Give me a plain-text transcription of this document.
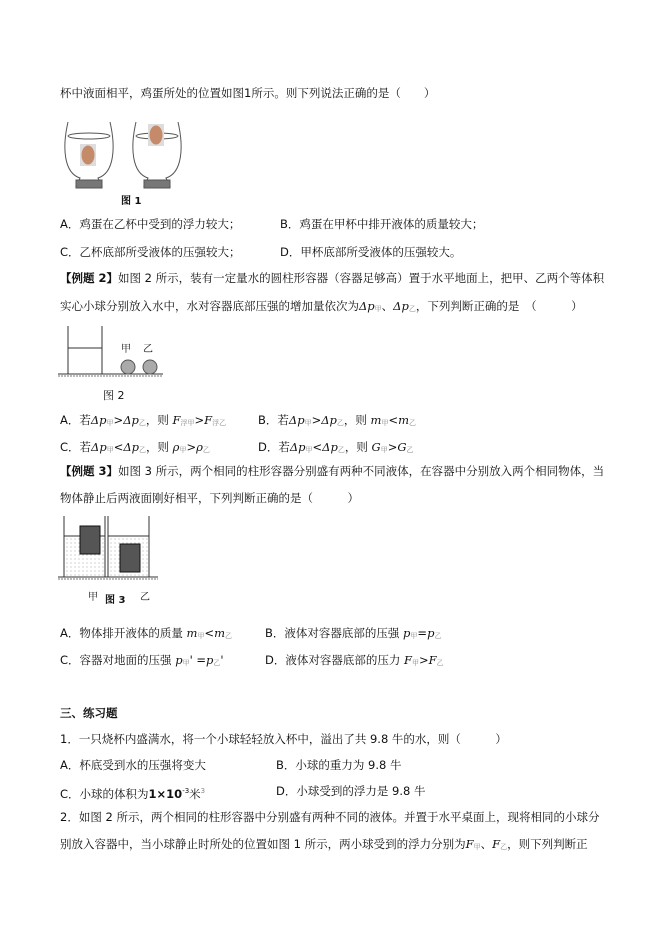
杯中液面相平，鸡蛋所处的位置如图1所示。则下列说法正确的是（　　）
图 1
A．鸡蛋在乙杯中受到的浮力较大；	B．鸡蛋在甲杯中排开液体的质量较大；
C．乙杯底部所受液体的压强较大；	D．甲杯底部所受液体的压强较大。
【例题 2】如图 2 所示，装有一定量水的圆柱形容器（容器足够高）置于水平地面上，把甲、乙两个等体积
实心小球分别放入水中，水对容器底部压强的增加量依次为$\Delta p_甲$、$\Delta p_乙$，下列判断正确的是　（　　　）
甲 乙
图 2
A．若$\Delta p_甲>\Delta p_乙$，则 $F_{浮甲}>F_{浮乙}$	B．若$\Delta p_甲>\Delta p_乙$，则 $m_甲<m_乙$
C．若$\Delta p_甲<\Delta p_乙$，则 $\rho_甲>\rho_乙$	D．若$\Delta p_甲<\Delta p_乙$，则 $G_甲>G_乙$
【例题 3】如图 3 所示，两个相同的柱形容器分别盛有两种不同液体，在容器中分别放入两个相同物体，当
物体静止后两液面刚好相平，下列判断正确的是（　　　）
甲 图 3 乙
A．物体排开液体的质量 $m_甲<m_乙$	B．液体对容器底部的压强 $p_甲=p_乙$
C．容器对地面的压强 $p_甲' =p_乙'$	D．液体对容器底部的压力 $F_甲>F_乙$
三、练习题
1．一只烧杯内盛满水，将一个小球轻轻放入杯中，溢出了共 9.8 牛的水，则（　　　）
A．杯底受到水的压强将变大	B．小球的重力为 9.8 牛
C．小球的体积为$1\times 10^{-3}$米$^3$	D．小球受到的浮力是 9.8 牛
2．如图 2 所示，两个相同的柱形容器中分别盛有两种不同的液体。并置于水平桌面上，现将相同的小球分
别放入容器中，当小球静止时所处的位置如图 1 所示，两小球受到的浮力分别为$F_甲$、$F_乙$，则下列判断正
